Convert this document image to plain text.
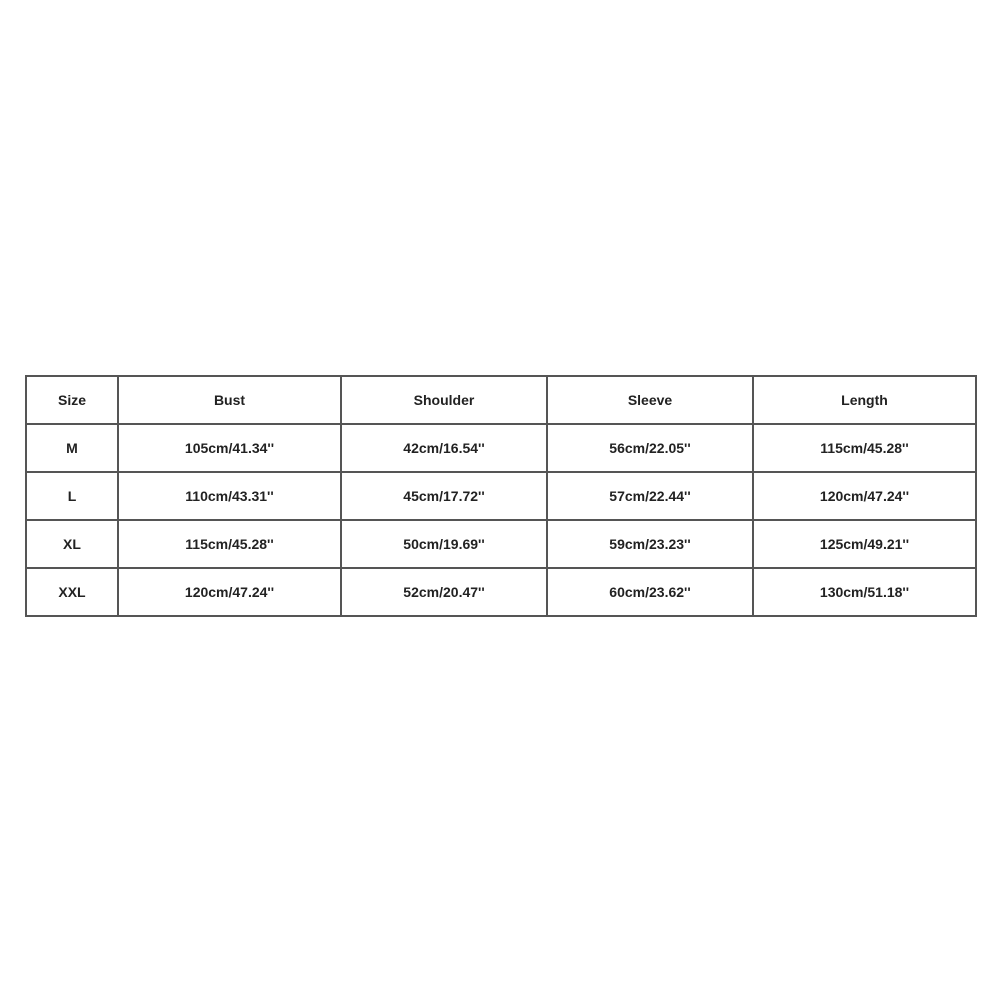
Size	Bust	Shoulder	Sleeve	Length
M	105cm/41.34''	42cm/16.54''	56cm/22.05''	115cm/45.28''
L	110cm/43.31''	45cm/17.72''	57cm/22.44''	120cm/47.24''
XL	115cm/45.28''	50cm/19.69''	59cm/23.23''	125cm/49.21''
XXL	120cm/47.24''	52cm/20.47''	60cm/23.62''	130cm/51.18''
